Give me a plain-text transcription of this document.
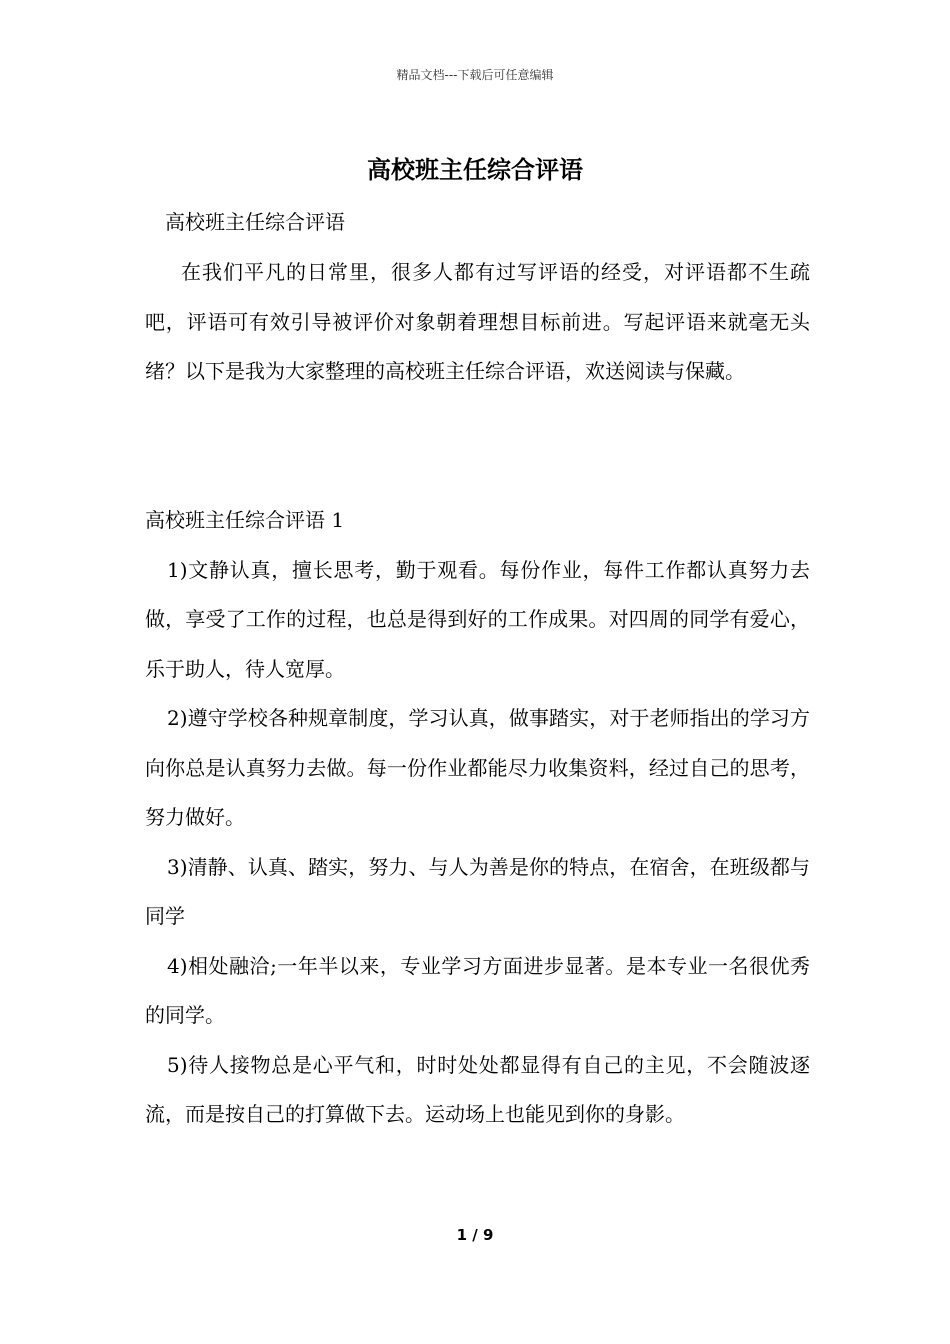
精品文档---下载后可任意编辑
高校班主任综合评语
高校班主任综合评语

在我们平凡的日常里，很多人都有过写评语的经受，对评语都不生疏吧，评语可有效引导被评价对象朝着理想目标前进。写起评语来就毫无头绪？以下是我为大家整理的高校班主任综合评语，欢送阅读与保藏。

高校班主任综合评语 1

1)文静认真，擅长思考，勤于观看。每份作业，每件工作都认真努力去做，享受了工作的过程，也总是得到好的工作成果。对四周的同学有爱心，乐于助人，待人宽厚。

2)遵守学校各种规章制度，学习认真，做事踏实，对于老师指出的学习方向你总是认真努力去做。每一份作业都能尽力收集资料，经过自己的思考，努力做好。

3)清静、认真、踏实，努力、与人为善是你的特点，在宿舍，在班级都与同学

4)相处融洽;一年半以来，专业学习方面进步显著。是本专业一名很优秀的同学。

5)待人接物总是心平气和，时时处处都显得有自己的主见，不会随波逐流，而是按自己的打算做下去。运动场上也能见到你的身影。

1 / 9
